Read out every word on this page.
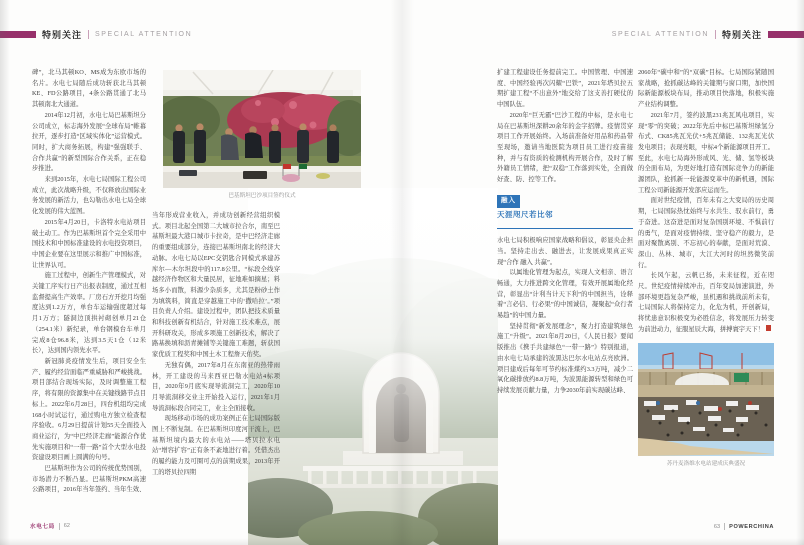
特别关注 SPECIAL ATTENTION	SPECIAL ATTENTION 特别关注
巴基斯坦巴沙项目签约仪式

碑”，北马其顿KO、MS成为东欧市场的名片。水电七局随后成功斩获北马其顿KE、FD公路项目，4条公路贯通了北马其顿南北大通道。

2014年12月初，水电七局巴基斯坦分公司成立，标志海外发展“全球布局”帷幕拉开，逐步打造“区域实体化”运营模式。同时，扩大商务拓展，构建“强强联手、合作共赢”的新型国际合作关系，正在稳步推进。

来到2015年，水电七局国际工程公司成立，此次战略升级，不仅释放出国际业务发展的新活力，也勾勒出水电七局全球化发展的伟大蓝图。

2015年4月20日，卡洛特水电站项目破土动工。作为巴基斯坦首个完全采用中国技术和中国标准建设的水电投资项目，中国企业要在这里展示和推广中国标准，让世界认可。

施工过程中，创新生产管理模式，对关键工序实行日产出报表制度，通过互相监督提高生产效率。厂房石方开挖月均强度达到1.2万方，单台车运输强度超过每月1万方；隧洞边顶拱衬砌创单月21仓（254.1米）新纪录，单台钢模台车单月完成8仓96.8米，达到3.5天1仓（12米长），达到国内领先水平。

新冠肺炎疫情发生后，项目安全生产、履约经营面临严重威胁和严峻挑战。项目部结合现场实际，及时调整施工程序，将有限的资源集中在关键线路节点目标上。2022年6月28日，四台机组均完成168小时试运行，通过购电方独立检查程序验收。6月29日提前计划55天全面投入商业运行，为“中巴经济走廊”能源合作优先实施项目和“一带一路”首个大型水电投资建设项目画上圆满的句号。

巴基斯坦作为公司的传统优势国别，市场潜力不断凸显。巴基斯坦PKM高速公路项目，2016年当年签约、当年生效、

当年形成营业收入，并成功创新经营组织模式。项目北起全国第二大城市拉合尔，南至巴基斯坦最大港口城市卡拉奇，是中巴经济走廊的重要组成部分，连接巴基斯坦南北的经济大动脉。水电七局以EPC交钥匙合同模式承建苏库尔—木尔坦段中的117.8公里。“标段全线穿越经济作物区和大量民居，征地难如摘星；料场多小而散，料源少杂质多，尤其是粉砂土作为填筑料，简直是穿越施工中的‘撒哈拉’。”项目负责人介绍。建设过程中，团队把技术质量和科技创新有机结合，针对施工技术难点，展开科研攻关，形成多项施工创新技术，解决了路基换填和沥青摊铺等关键施工难题，斩获国家优质工程奖和中国土木工程詹天佑奖。

无独有偶，2017年8月在东南亚的热带雨林，开工建设的马来西亚巴勒水电站4标项目，2020年9月底实现导流洞完工，2020年10月导流洞移交业主开始投入运行，2021年1月导流洞标段合同完工，业主全面接收。

现场移动市场的成功案例正在七局国际版图上不断复制。在巴基斯坦印度河干流上，巴基斯坦境内最大的水电站——塔贝拉水电站“增容扩容”正有条不紊地进行着。凭借杰出的履约能力及可圈可点的前期成果，2013年开工的塔贝拉四期

扩建工程建设任务提前完工。中国管理、中国速度、中国经验再次闪耀“巴铁”，2021年塔贝拉五期扩建工程“不出意外”地交给了这支善打硬仗的中国队伍。

2020年“巨无霸”巴沙工程的中标，是水电七局在巴基斯坦深耕20余年的金字招牌。疫情贯穿项目工作开展始终。入场前准备好用品和药品带至现场，邀请当地医院为项目员工进行疫苗接种，并与有资质的检测机构开展合作，及时了解外籍员工情绪，把“双稳”工作落到实处，全面做好查、防、控等工作。

融入
天涯咫尺若比邻

水电七局积极响应国家战略和倡议，彰显央企担当。坚持走出去、融进去，让发展成果真正实现“合作 融入 共赢”。

以属地化管理为起点，实现人文相亲、语言畅通，大力推进跨文化管理，有效开展属地化经营，彰显出“计利当计天下利”的中国担当，诠释着“言必信、行必果”的中国诚信，凝聚起“众行者易趋”的中国力量。

坚持贯彻“新发展理念”，聚力打造建筑绿色施工“升级”。2021年8月20日，《人民日报》要闻版推出《携手共建绿色“一带一路”》特别报道，由水电七局承建的波黑达巴尔水电站点亮欧洲。项目建成后每年可节约标准煤约3.3万吨，减少二氧化碳排放约8.8万吨，为波黑能源转型和绿色可持续发展贡献力量，力争2030年前实现碳达峰、

2060年“碳中和”的“双碳”目标。七局国际紧随国家战略，抢抓碳达峰的关键期与窗口期，加快国际新能源板块布局，推动项目快落地，积极实施产业结构调整。

2021年7月，签约波黑231兆瓦风电项目，实现“零”的突破；2022年先后中标巴基斯坦绿氢分布式、CK85兆瓦光伏+5兆瓦储能、132兆瓦光伏发电项目；表现亮眼，中标4个新能源项目开工。至此，水电七局海外形成风、光、储、氢等板块的全面布局，为更好地打造有国际竞争力的新能源团队，抢抓新一轮能源变革中的新机遇，国际工程公司新能源开发部应运而生。

面对世纪疫情，百年未有之大变局的历史周期，七局国际热忱始终与水共生、驭水前行，勇于奋进。这奋进是面对复杂国别环境、不惧前行的勇气，是面对疫情持续、坚守稳产的毅力，是面对聚散离别、不忘初心的奉献，是面对荒漠、深山、丛林、城市，大江大河时的坦然微笑前行。

长风乍起，云帆已扬，未来征程，近在咫尺。世纪疫情持续冲击，百年变局加速演进，外部环境更趋复杂严峻，虽机遇和挑战前所未有，七局国际人将保持定力，化危为机，开创新局，将忧患意识积极变为必胜信念，将发展压力转变为前进动力，征服星辰大海，拼搏寰宇天下！

苏丹麦洛维水电站建成庆典盛况
水电七局 62	63 POWERCHINA
